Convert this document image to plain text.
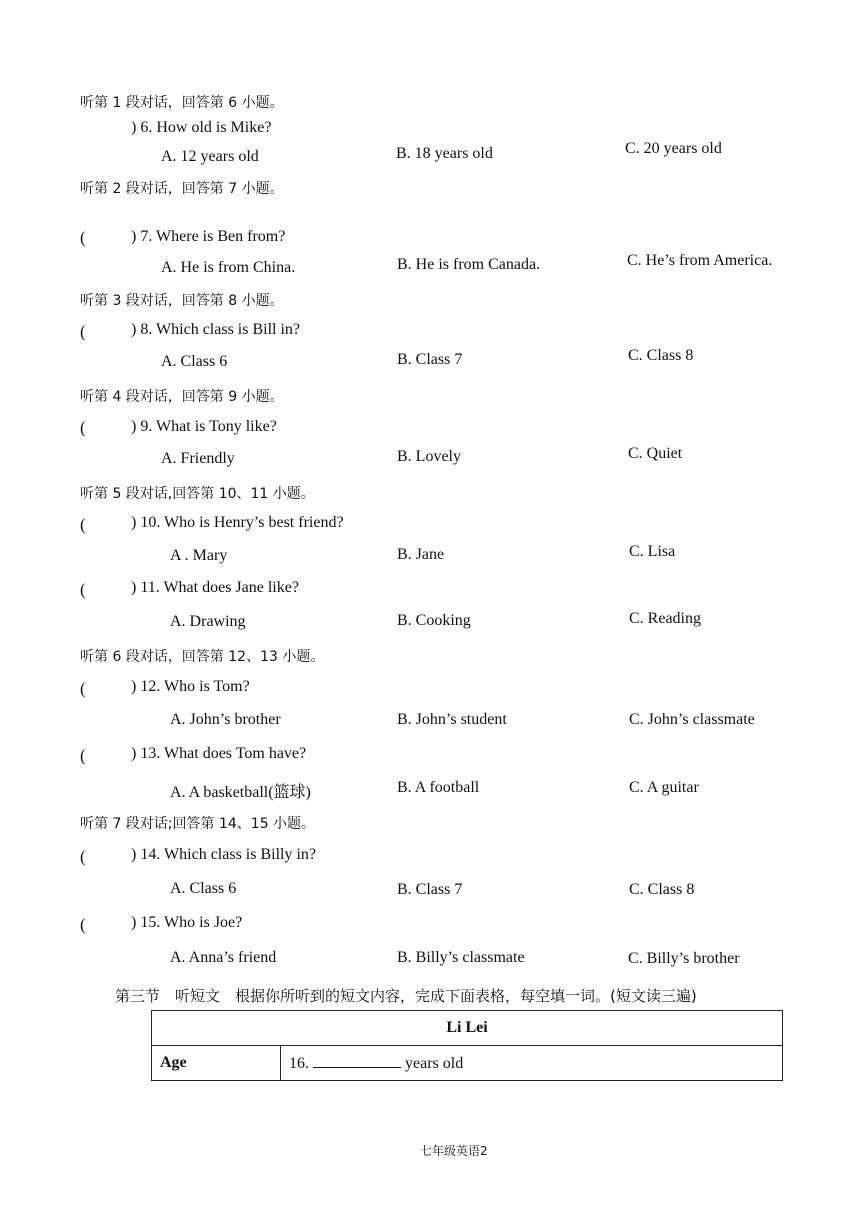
听第 1 段对话，回答第 6 小题。
听第 2 段对话，回答第 7 小题。
听第 3 段对话，回答第 8 小题。
听第 4 段对话，回答第 9 小题。
听第 5 段对话,回答第 10、11 小题。
听第 6 段对话，回答第 12、13 小题。
听第 7 段对话;回答第 14、15 小题。
) 6. How old is Mike?
A. 12 years old	B. 18 years old	C. 20 years old
(	) 7. Where is Ben from?
A. He is from China.	B. He is from Canada.	C. He’s from America.
(	) 8. Which class is Bill in?
A. Class 6	B. Class 7	C. Class 8
(	) 9. What is Tony like?
A. Friendly	B. Lovely	C. Quiet
(	) 10. Who is Henry’s best friend?
A . Mary	B. Jane	C. Lisa
(	) 11. What does Jane like?
A. Drawing	B. Cooking	C. Reading
(	) 12. Who is Tom?
A. John’s brother	B. John’s student	C. John’s classmate
(	) 13. What does Tom have?
A. A basketball(篮球)	B. A football	C. A guitar
(	) 14. Which class is Billy in?
A. Class 6	B. Class 7	C. Class 8
(	) 15. Who is Joe?
A. Anna’s friend	B. Billy’s classmate	C. Billy’s brother
第三节　听短文　根据你所听到的短文内容，完成下面表格，每空填一词。(短文读三遍)
Li Lei
Age	16.	years old
七年级英语2
